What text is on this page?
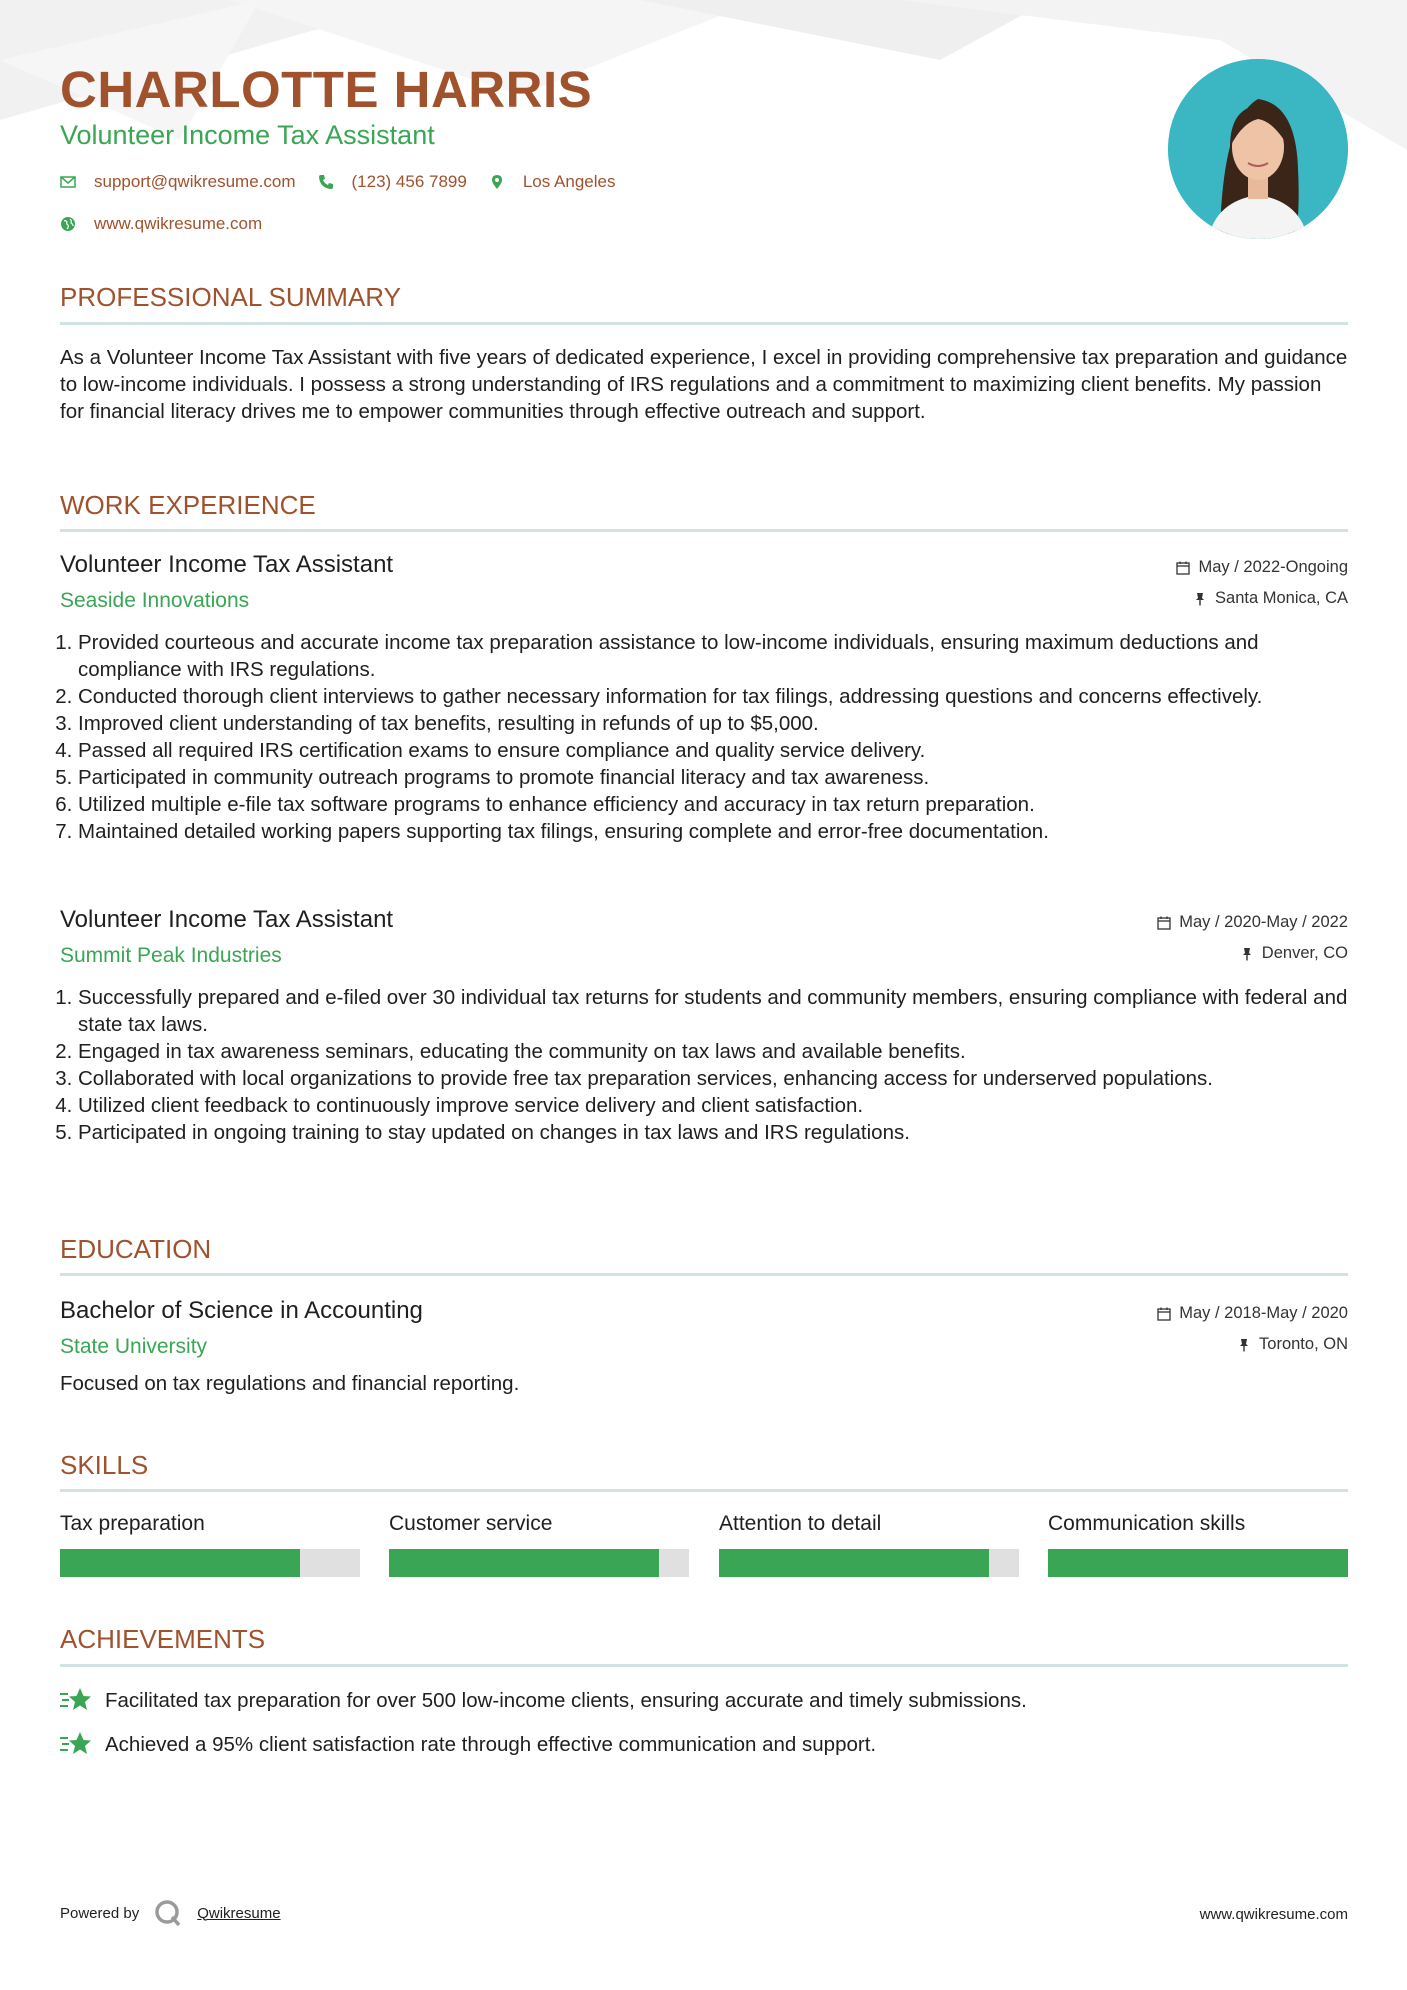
CHARLOTTE HARRIS
Volunteer Income Tax Assistant
support@qwikresume.com	(123) 456 7899	Los Angeles
www.qwikresume.com
PROFESSIONAL SUMMARY

As a Volunteer Income Tax Assistant with five years of dedicated experience, I excel in providing comprehensive tax preparation and guidance to low-income individuals. I possess a strong understanding of IRS regulations and a commitment to maximizing client benefits. My passion for financial literacy drives me to empower communities through effective outreach and support.

WORK EXPERIENCE
Volunteer Income Tax Assistant
Seaside Innovations
May / 2022-Ongoing
Santa Monica, CA
1. Provided courteous and accurate income tax preparation assistance to low-income individuals, ensuring maximum deductions and compliance with IRS regulations.
2. Conducted thorough client interviews to gather necessary information for tax filings, addressing questions and concerns effectively.
3. Improved client understanding of tax benefits, resulting in refunds of up to $5,000.
4. Passed all required IRS certification exams to ensure compliance and quality service delivery.
5. Participated in community outreach programs to promote financial literacy and tax awareness.
6. Utilized multiple e-file tax software programs to enhance efficiency and accuracy in tax return preparation.
7. Maintained detailed working papers supporting tax filings, ensuring complete and error-free documentation.
Volunteer Income Tax Assistant
Summit Peak Industries
May / 2020-May / 2022
Denver, CO
1. Successfully prepared and e-filed over 30 individual tax returns for students and community members, ensuring compliance with federal and state tax laws.
2. Engaged in tax awareness seminars, educating the community on tax laws and available benefits.
3. Collaborated with local organizations to provide free tax preparation services, enhancing access for underserved populations.
4. Utilized client feedback to continuously improve service delivery and client satisfaction.
5. Participated in ongoing training to stay updated on changes in tax laws and IRS regulations.
EDUCATION
Bachelor of Science in Accounting
State University
May / 2018-May / 2020
Toronto, ON

Focused on tax regulations and financial reporting.

SKILLS
Tax preparation	Customer service	Attention to detail	Communication skills
ACHIEVEMENTS
Facilitated tax preparation for over 500 low-income clients, ensuring accurate and timely submissions.
Achieved a 95% client satisfaction rate through effective communication and support.
Powered by	Qwikresume	www.qwikresume.com
